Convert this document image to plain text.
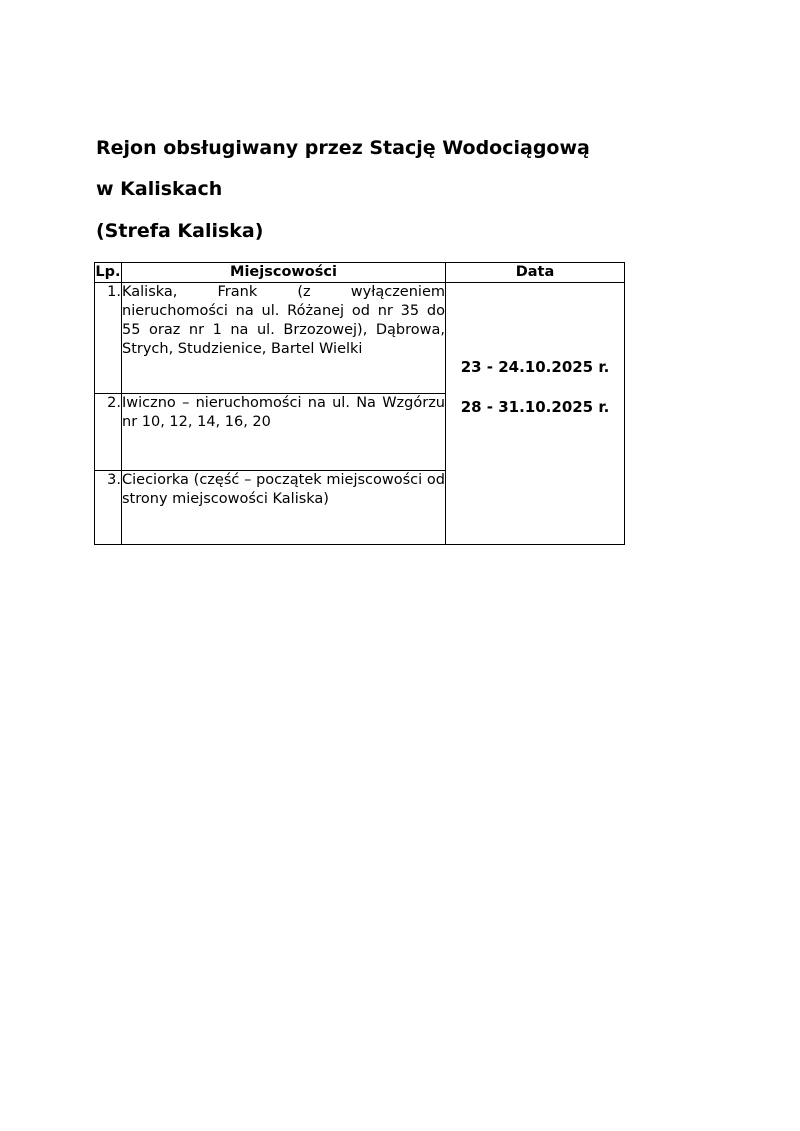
Rejon obsługiwany przez Stację Wodociągową
w Kaliskach
(Strefa Kaliska)
Lp.	Miejscowości	Data
1.	Kaliska, Frank (z wyłączeniem nieruchomości na ul. Różanej od nr 35 do 55 oraz nr 1 na ul. Brzozowej), Dąbrowa, Strych, Studzienice, Bartel Wielki	23 - 24.10.2025 r.
28 - 31.10.2025 r.

2.	Iwiczno – nieruchomości na ul. Na Wzgórzu nr 10, 12, 14, 16, 20	
3.	Cieciorka (część – początek miejscowości od strony miejscowości Kaliska)	
